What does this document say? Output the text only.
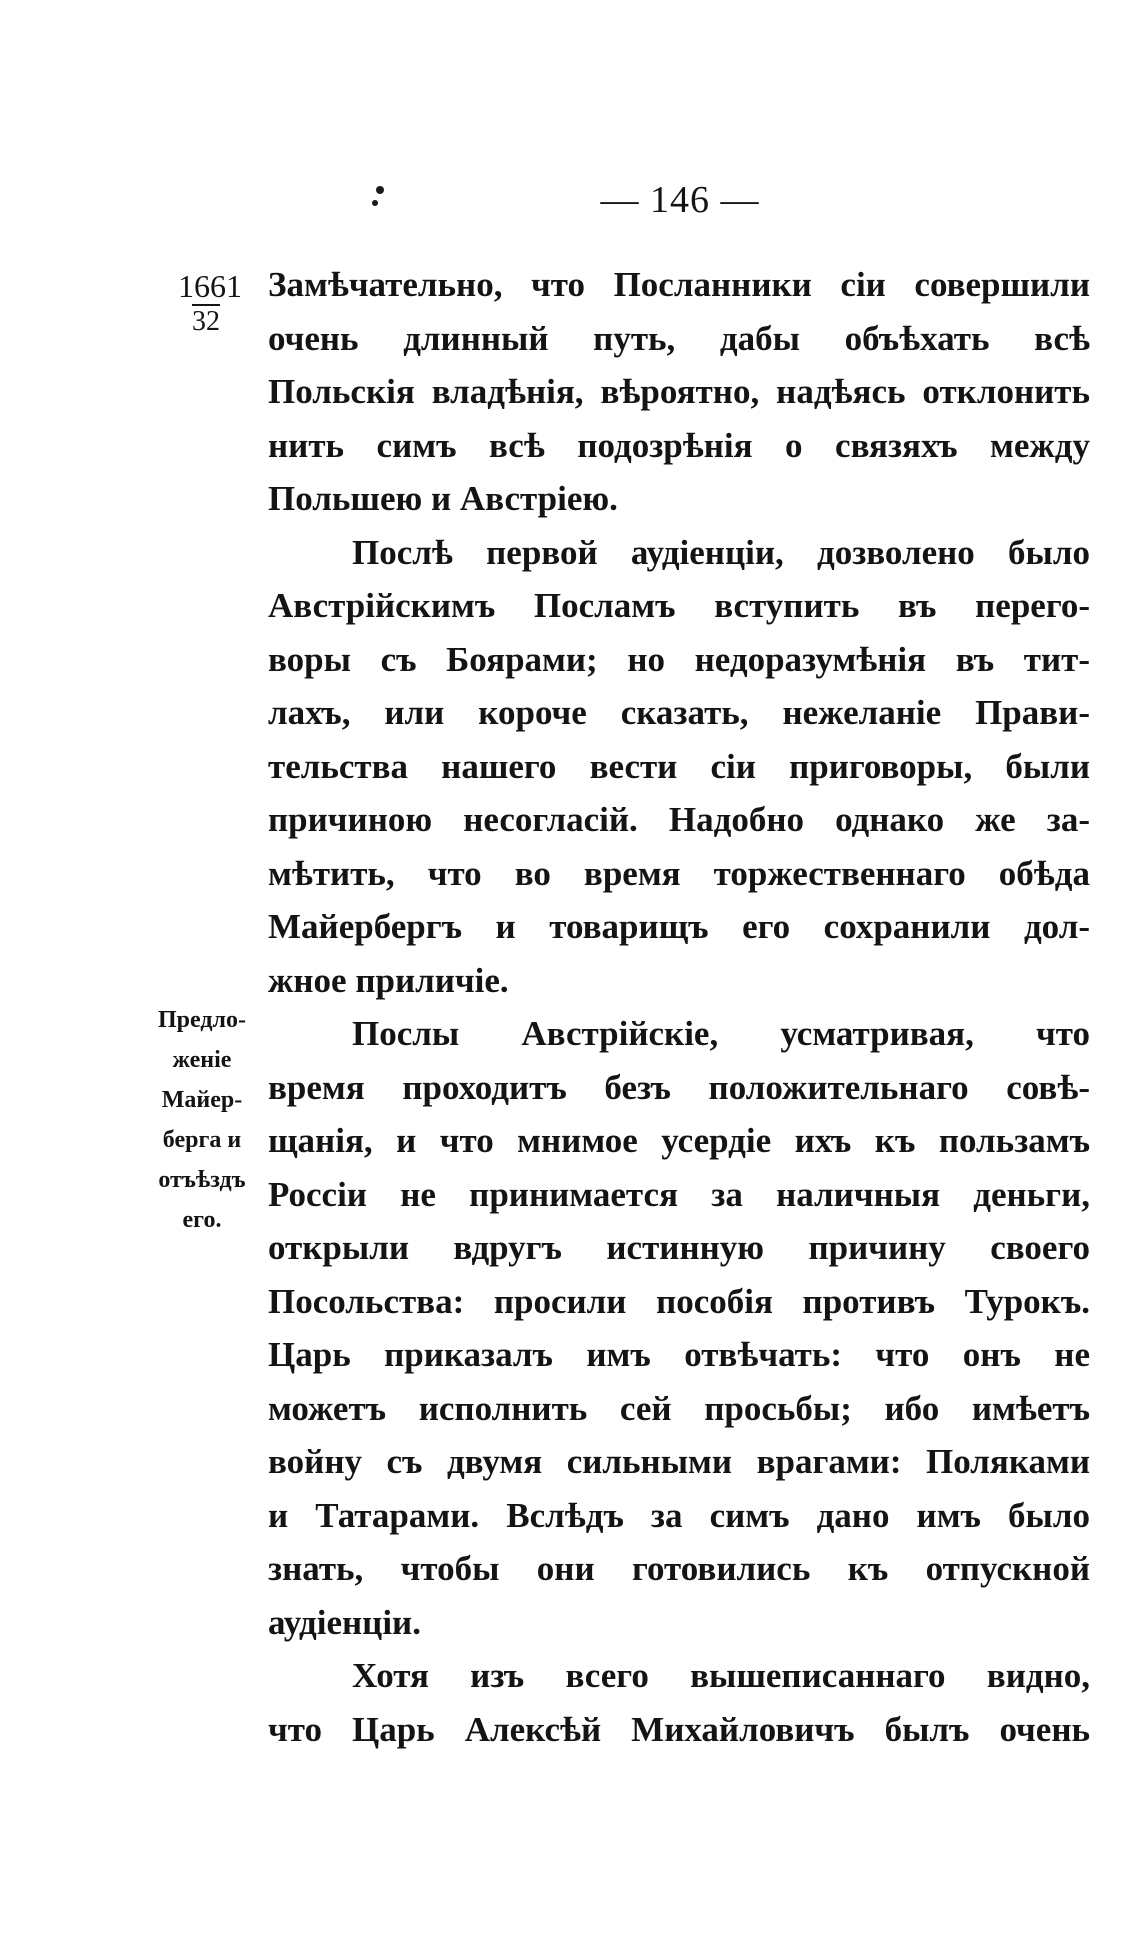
— 146 —
1661
32
Предло-
женіе
Майер-
берга и
отъѣздъ
его.
Замѣчательно, что Посланники сіи совершили
очень длинный путь, дабы объѣхать всѣ
Польскія владѣнія, вѣроятно, надѣясь отклонить
нить симъ всѣ подозрѣнія о связяхъ между
Польшею и Австріею.
Послѣ первой аудіенціи, дозволено было
Австрійскимъ Посламъ вступить въ перего-
воры съ Боярами; но недоразумѣнія въ тит-
лахъ, или короче сказать, нежеланіе Прави-
тельства нашего вести сіи приговоры, были
причиною несогласій. Надобно однако же за-
мѣтить, что во время торжественнаго обѣда
Майербергъ и товарищъ его сохранили дол-
жное приличіе.
Послы Австрійскіе, усматривая, что
время проходитъ безъ положительнаго совѣ-
щанія, и что мнимое усердіе ихъ къ пользамъ
Россіи не принимается за наличныя деньги,
открыли вдругъ истинную причину своего
Посольства: просили пособія противъ Турокъ.
Царь приказалъ имъ отвѣчать: что онъ не
можетъ исполнить сей просьбы; ибо имѣетъ
войну съ двумя сильными врагами: Поляками
и Татарами. Вслѣдъ за симъ дано имъ было
знать, чтобы они готовились къ отпускной
аудіенціи.
Хотя изъ всего вышеписаннаго видно,
что Царь Алексѣй Михайловичъ былъ очень
